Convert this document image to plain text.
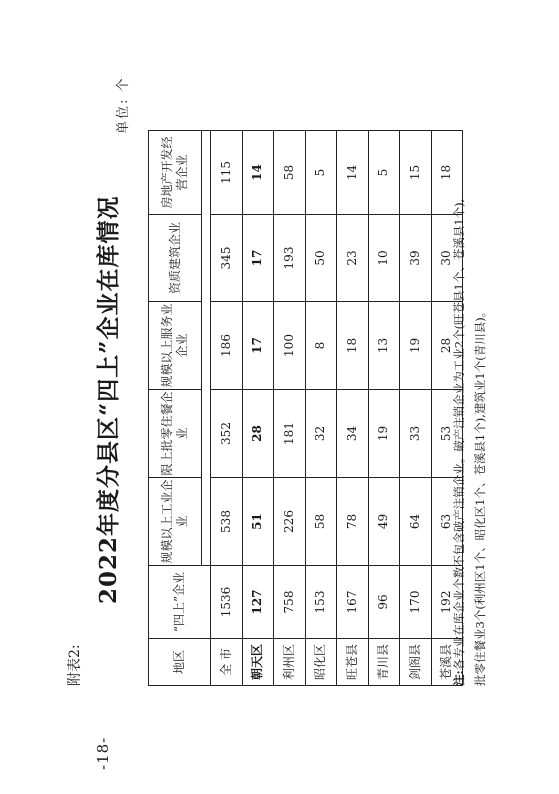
-18-
附表2:
2022年度分县区“四上”企业在库情况
单位: 个
地区	“四上”企业	规模以上工业企业	限上批零住餐企业	规模以上服务业企业	资质建筑企业	房地产开发经营企业

全 市	1536	538	352	186	345	115
朝天区	127	51	28	17	17	14
利州区	758	226	181	100	193	58
昭化区	153	58	32	8	50	5
旺苍县	167	78	34	18	23	14
青川县	96	49	19	13	10	5
剑阁县	170	64	33	19	39	15
苍溪县	192	63	53	28	30	18
注:各专业在库企业个数不包含破产注销企业。破产注销企业为工业2个(旺苍县1个、苍溪县1个), 批零住餐业3个(利州区1个、昭化区1个、苍溪县1个),建筑业1个(青川县)。
